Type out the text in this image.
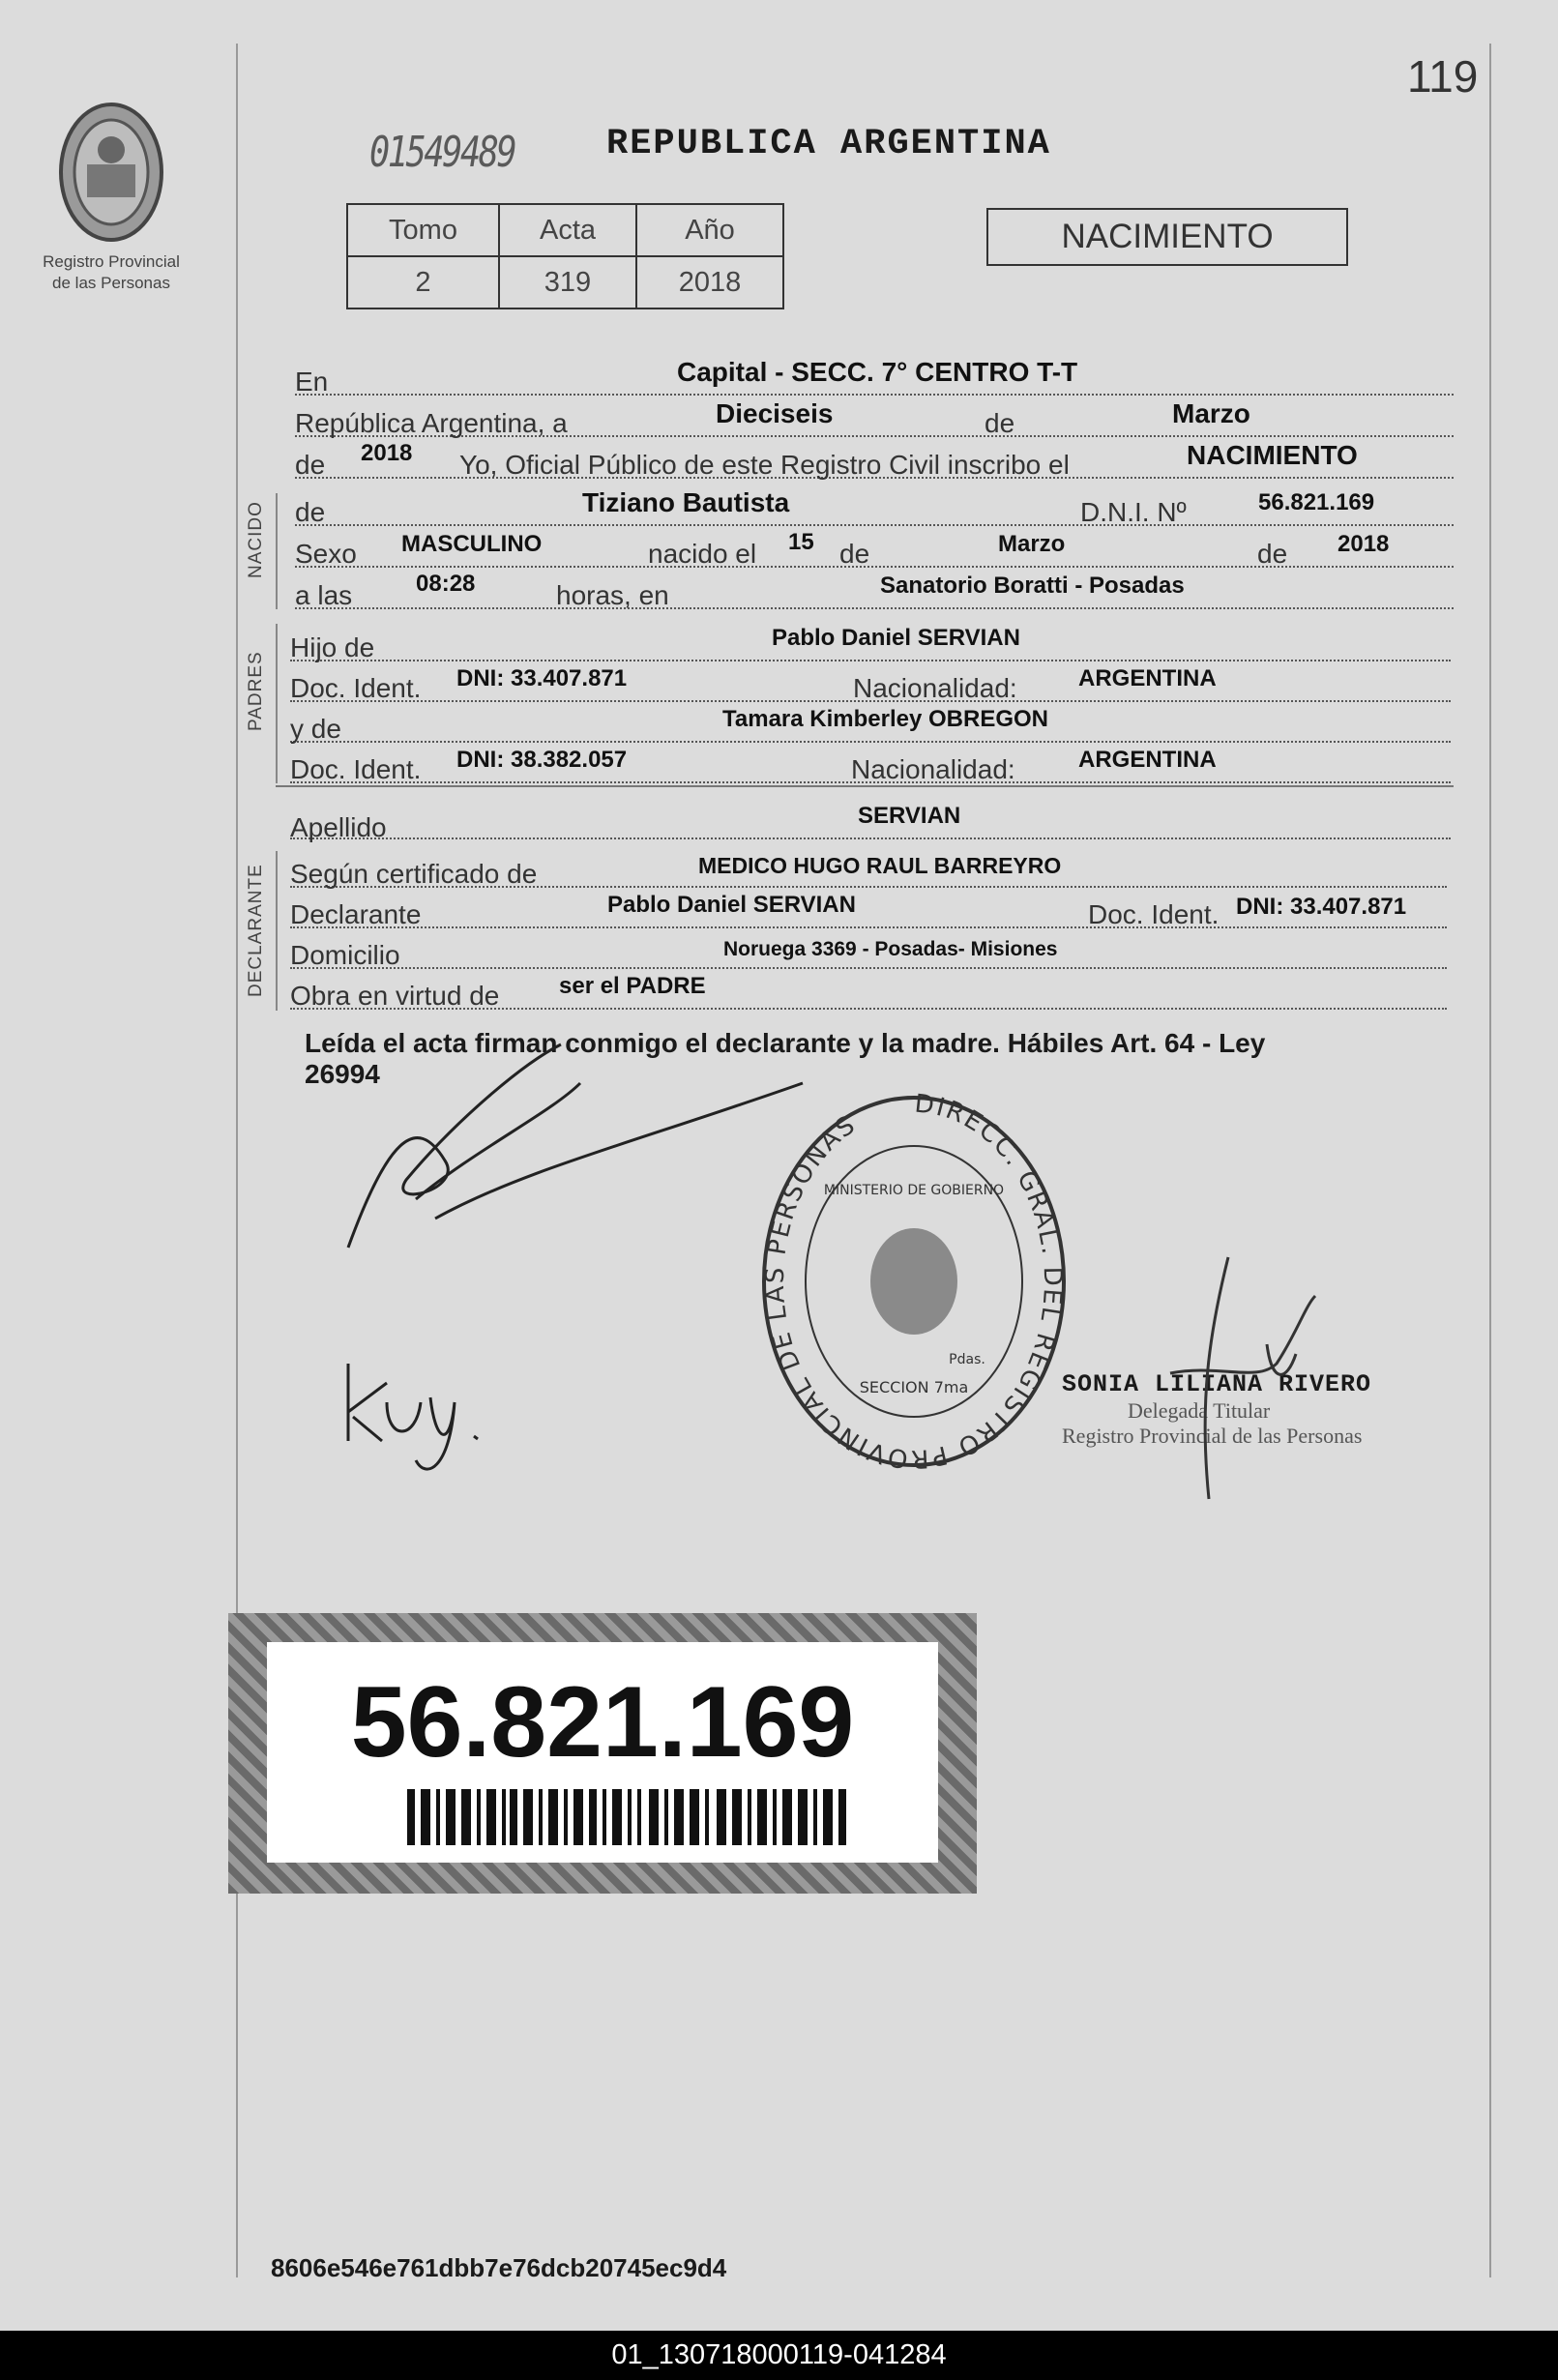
119
Registro Provincial
de las Personas
01549489	REPUBLICA ARGENTINA
Tomo	Acta	Año
2	319	2018
NACIMIENTO
En	Capital - SECC. 7° CENTRO T-T
República Argentina, a	Dieciseis	de	Marzo
de 2018 Yo, Oficial Público de este Registro Civil inscribo el	NACIMIENTO
NACIDO de	Tiziano Bautista	D.N.I. Nº	56.821.169
Sexo MASCULINO	nacido el 15 de	Marzo	de 2018
a las	08:28	horas, en	Sanatorio Boratti - Posadas
PADRES
Hijo de	Pablo Daniel SERVIAN
Doc. Ident. DNI: 33.407.871	Nacionalidad:	ARGENTINA
y de	Tamara Kimberley OBREGON
Doc. Ident. DNI: 38.382.057	Nacionalidad:	ARGENTINA
Apellido	SERVIAN
DECLARANTE Según certificado de	MEDICO HUGO RAUL BARREYRO
Declarante	Pablo Daniel SERVIAN	Doc. Ident. DNI: 33.407.871
Domicilio	Noruega 3369 - Posadas- Misiones
Obra en virtud de	ser el PADRE
Leída el acta firman conmigo el declarante y la madre. Hábiles Art. 64 - Ley
26994
DIRECC. GRAL. DEL REGISTRO PROVINCIAL DE LAS PERSONAS
MINISTERIO DE GOBIERNO
SECCION 7ma
Pdas.
SONIA LILIANA RIVERO
Delegada Titular
Registro Provincial de las Personas
56.821.169
8606e546e761dbb7e76dcb20745ec9d4
01_130718000119-041284
